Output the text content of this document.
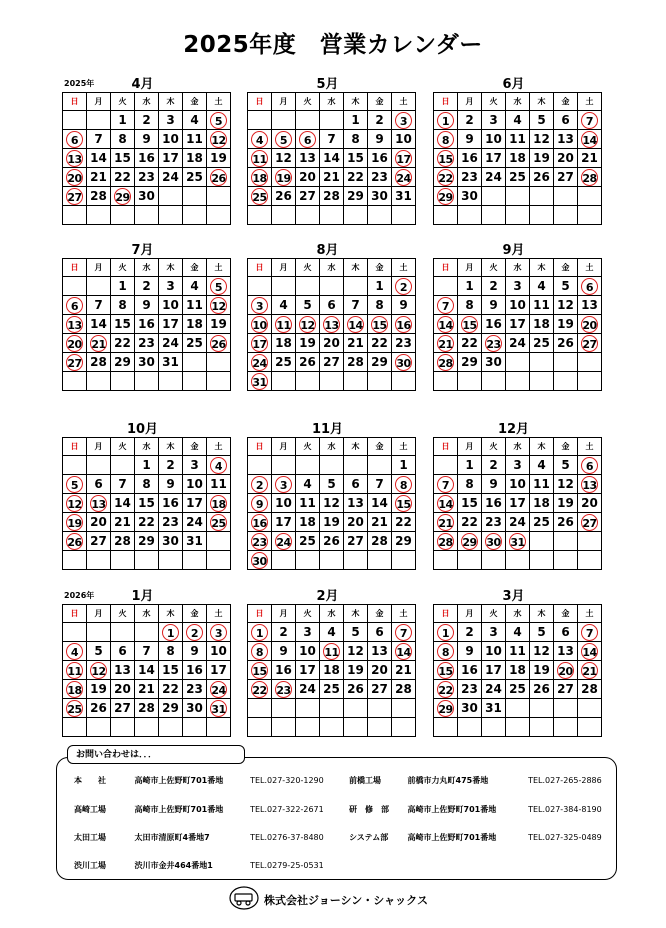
2025年度　営業カレンダー
2025年	4月
日	月	火	水	木	金	土
		1	2	3	4	5
6	7	8	9	10	11	12
13	14	15	16	17	18	19
20	21	22	23	24	25	26
27	28	29	30			

5月
日	月	火	水	木	金	土
				1	2	3
4	5	6	7	8	9	10
11	12	13	14	15	16	17
18	19	20	21	22	23	24
25	26	27	28	29	30	31

6月
日	月	火	水	木	金	土
1	2	3	4	5	6	7
8	9	10	11	12	13	14
15	16	17	18	19	20	21
22	23	24	25	26	27	28
29	30					

7月
日	月	火	水	木	金	土
		1	2	3	4	5
6	7	8	9	10	11	12
13	14	15	16	17	18	19
20	21	22	23	24	25	26
27	28	29	30	31		

8月
日	月	火	水	木	金	土
					1	2
3	4	5	6	7	8	9
10	11	12	13	14	15	16
17	18	19	20	21	22	23
24	25	26	27	28	29	30
31						
9月
日	月	火	水	木	金	土
	1	2	3	4	5	6
7	8	9	10	11	12	13
14	15	16	17	18	19	20
21	22	23	24	25	26	27
28	29	30				

10月
日	月	火	水	木	金	土
			1	2	3	4
5	6	7	8	9	10	11
12	13	14	15	16	17	18
19	20	21	22	23	24	25
26	27	28	29	30	31	

11月
日	月	火	水	木	金	土
						1
2	3	4	5	6	7	8
9	10	11	12	13	14	15
16	17	18	19	20	21	22
23	24	25	26	27	28	29
30						
12月
日	月	火	水	木	金	土
	1	2	3	4	5	6
7	8	9	10	11	12	13
14	15	16	17	18	19	20
21	22	23	24	25	26	27
28	29	30	31			

2026年	1月
日	月	火	水	木	金	土
				1	2	3
4	5	6	7	8	9	10
11	12	13	14	15	16	17
18	19	20	21	22	23	24
25	26	27	28	29	30	31

2月
日	月	火	水	木	金	土
1	2	3	4	5	6	7
8	9	10	11	12	13	14
15	16	17	18	19	20	21
22	23	24	25	26	27	28

3月
日	月	火	水	木	金	土
1	2	3	4	5	6	7
8	9	10	11	12	13	14
15	16	17	18	19	20	21
22	23	24	25	26	27	28
29	30	31				

お問い合わせは．．．
本　　社	高崎市上佐野町701番地	TEL.027-320-1290	前橋工場	前橋市力丸町475番地	TEL.027-265-2886
高崎工場	高崎市上佐野町701番地	TEL.027-322-2671	研　修　部 高崎市上佐野町701番地	TEL.027-384-8190
太田工場	太田市清原町4番地7	TEL.0276-37-8480	システム部 高崎市上佐野町701番地	TEL.027-325-0489
渋川工場	渋川市金井464番地1	TEL.0279-25-0531
株式会社ジョーシン・シャックス
